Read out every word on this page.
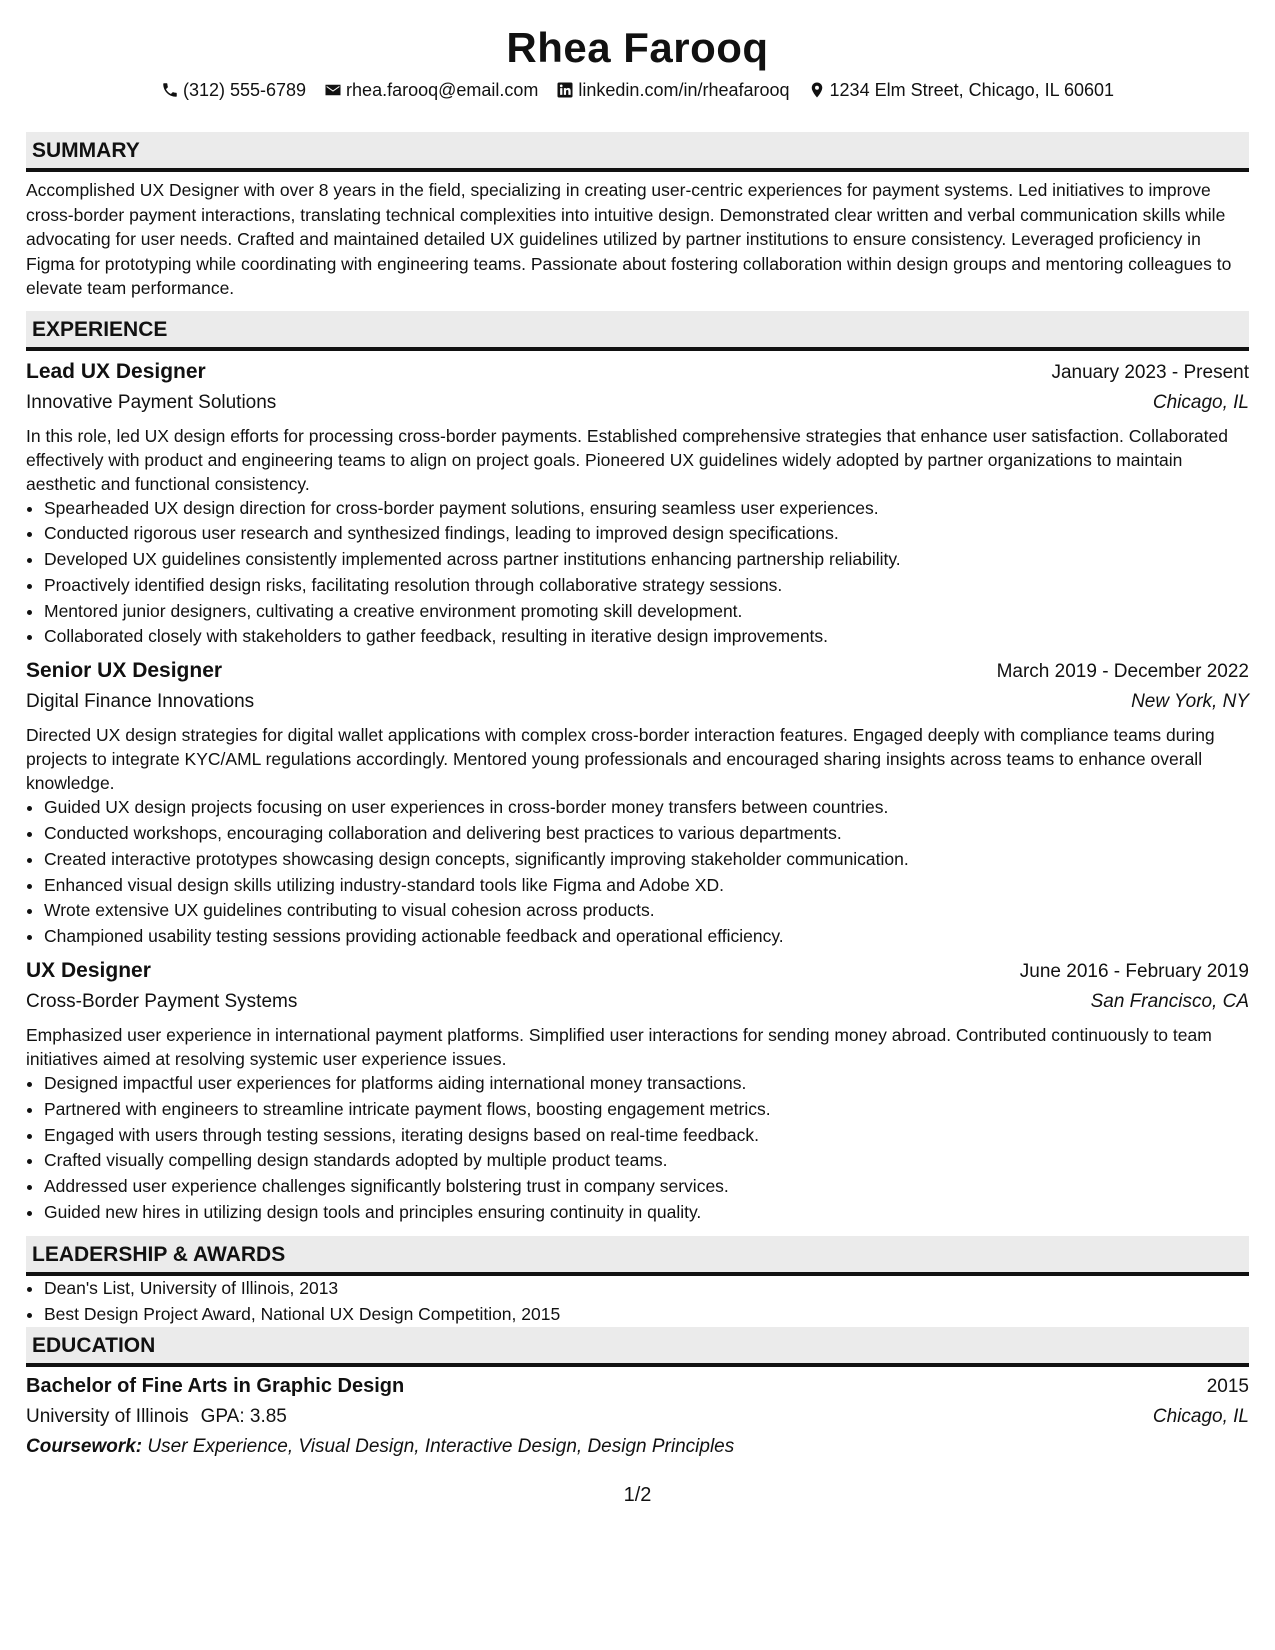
Rhea Farooq
(312) 555-6789 rhea.farooq@email.com linkedin.com/in/rheafarooq 1234 Elm Street, Chicago, IL 60601
SUMMARY

Accomplished UX Designer with over 8 years in the field, specializing in creating user-centric experiences for payment systems. Led initiatives to improve cross-border payment interactions, translating technical complexities into intuitive design. Demonstrated clear written and verbal communication skills while advocating for user needs. Crafted and maintained detailed UX guidelines utilized by partner institutions to ensure consistency. Leveraged proficiency in Figma for prototyping while coordinating with engineering teams. Passionate about fostering collaboration within design groups and mentoring colleagues to elevate team performance.

EXPERIENCE
Lead UX Designer	January 2023 - Present
Innovative Payment Solutions	Chicago, IL

In this role, led UX design efforts for processing cross-border payments. Established comprehensive strategies that enhance user satisfaction. Collaborated effectively with product and engineering teams to align on project goals. Pioneered UX guidelines widely adopted by partner organizations to maintain aesthetic and functional consistency.

• Spearheaded UX design direction for cross-border payment solutions, ensuring seamless user experiences.
• Conducted rigorous user research and synthesized findings, leading to improved design specifications.
• Developed UX guidelines consistently implemented across partner institutions enhancing partnership reliability.
• Proactively identified design risks, facilitating resolution through collaborative strategy sessions.
• Mentored junior designers, cultivating a creative environment promoting skill development.
• Collaborated closely with stakeholders to gather feedback, resulting in iterative design improvements.
Senior UX Designer	March 2019 - December 2022
Digital Finance Innovations	New York, NY

Directed UX design strategies for digital wallet applications with complex cross-border interaction features. Engaged deeply with compliance teams during projects to integrate KYC/AML regulations accordingly. Mentored young professionals and encouraged sharing insights across teams to enhance overall knowledge.

• Guided UX design projects focusing on user experiences in cross-border money transfers between countries.
• Conducted workshops, encouraging collaboration and delivering best practices to various departments.
• Created interactive prototypes showcasing design concepts, significantly improving stakeholder communication.
• Enhanced visual design skills utilizing industry-standard tools like Figma and Adobe XD.
• Wrote extensive UX guidelines contributing to visual cohesion across products.
• Championed usability testing sessions providing actionable feedback and operational efficiency.
UX Designer	June 2016 - February 2019
Cross-Border Payment Systems	San Francisco, CA

Emphasized user experience in international payment platforms. Simplified user interactions for sending money abroad. Contributed continuously to team initiatives aimed at resolving systemic user experience issues.

• Designed impactful user experiences for platforms aiding international money transactions.
• Partnered with engineers to streamline intricate payment flows, boosting engagement metrics.
• Engaged with users through testing sessions, iterating designs based on real-time feedback.
• Crafted visually compelling design standards adopted by multiple product teams.
• Addressed user experience challenges significantly bolstering trust in company services.
• Guided new hires in utilizing design tools and principles ensuring continuity in quality.
LEADERSHIP & AWARDS
• Dean's List, University of Illinois, 2013
• Best Design Project Award, National UX Design Competition, 2015
EDUCATION
Bachelor of Fine Arts in Graphic Design	2015
University of Illinois GPA: 3.85	Chicago, IL
Coursework: User Experience, Visual Design, Interactive Design, Design Principles
1/2
